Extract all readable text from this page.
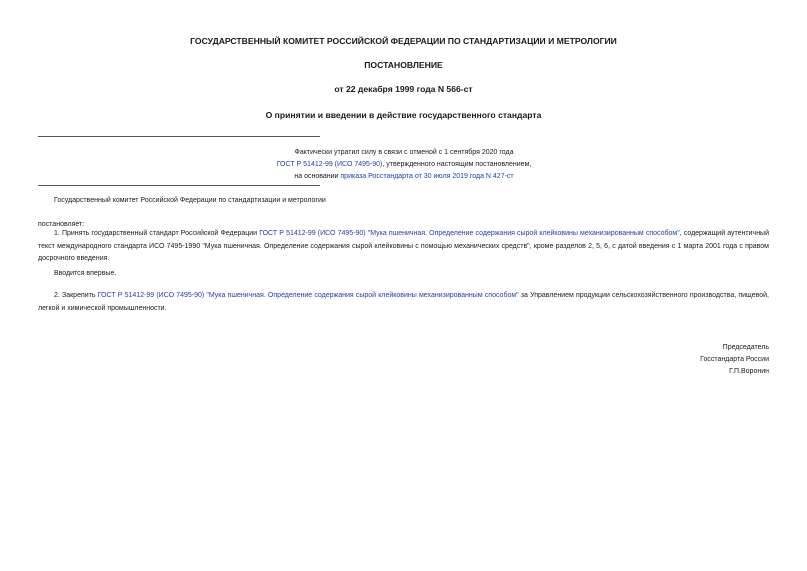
ГОСУДАРСТВЕННЫЙ КОМИТЕТ РОССИЙСКОЙ ФЕДЕРАЦИИ ПО СТАНДАРТИЗАЦИИ И МЕТРОЛОГИИ
ПОСТАНОВЛЕНИЕ
от 22 декабря 1999 года N 566-ст
О принятии и введении в действие государственного стандарта
Фактически утратил силу в связи с отменой с 1 сентября 2020 года
ГОСТ Р 51412-99 (ИСО 7495-90), утвержденного настоящим постановлением,
на основании приказа Росстандарта от 30 июля 2019 года N 427-ст
Государственный комитет Российской Федерации по стандартизации и метрологии
постановляет:
1. Принять государственный стандарт Российской Федерации ГОСТ Р 51412-99 (ИСО 7495-90) "Мука пшеничная. Определение содержания сырой клейковины механизированным способом", содержащий аутентичный текст международного стандарта ИСО 7495-1990 "Мука пшеничная. Определение содержания сырой клейковины с помощью механических средств", кроме разделов 2, 5, 6, с датой введения с 1 марта 2001 года с правом досрочного введения.
Вводится впервые.
2. Закрепить ГОСТ Р 51412-99 (ИСО 7495-90) "Мука пшеничная. Определение содержания сырой клейковины механизированным способом" за Управлением продукции сельскохозяйственного производства, пищевой, легкой и химической промышленности.
Председатель
Госстандарта России
Г.П.Воронин
